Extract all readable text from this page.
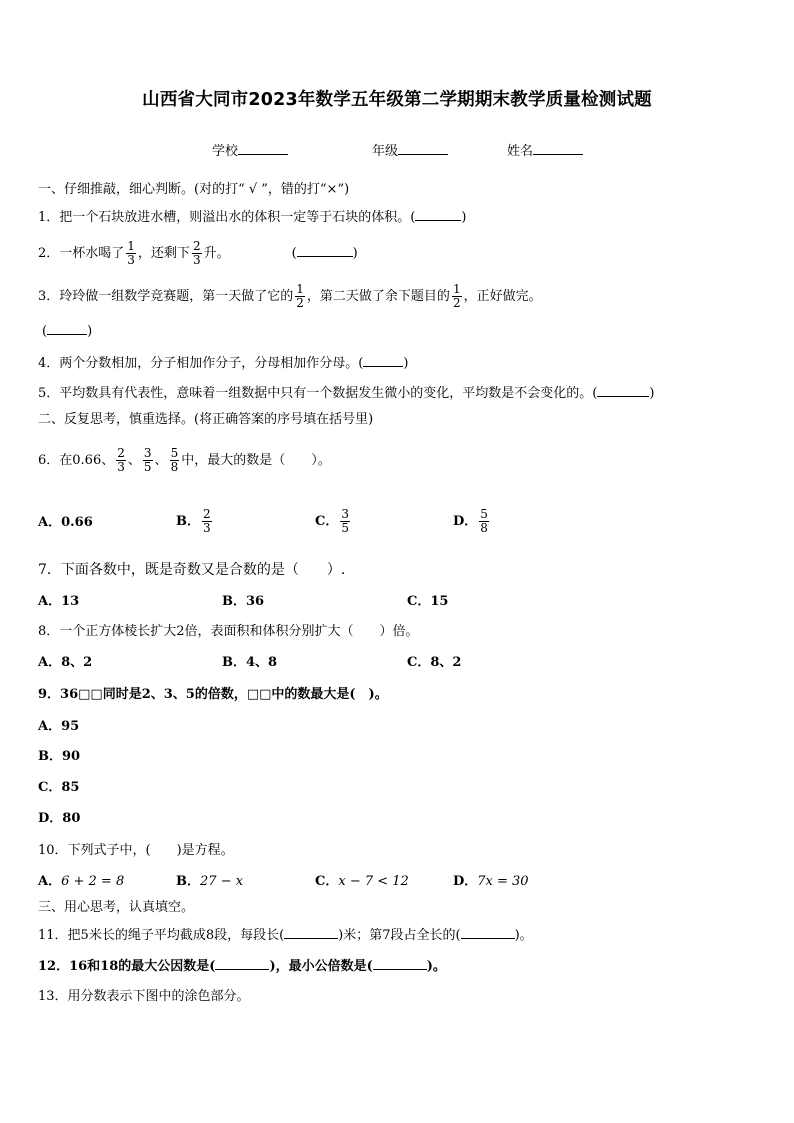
山西省大同市2023年数学五年级第二学期期末教学质量检测试题
学校	年级	姓名
一、仔细推敲，细心判断。(对的打“ √ ”，错的打“×”)
1．把一个石块放进水槽，则溢出水的体积一定等于石块的体积。(	)
2．一杯水喝了 $\frac{1}{3}$ ，还剩下 $\frac{2}{3}$ 升。	(	)
3．玲玲做一组数学竞赛题，第一天做了它的 $\frac{1}{2}$ ，第二天做了余下题目的 $\frac{1}{2}$ ，正好做完。
(	)
4．两个分数相加，分子相加作分子，分母相加作分母。(	)
5．平均数具有代表性，意味着一组数据中只有一个数据发生微小的变化，平均数是不会变化的。(	)
二、反复思考，慎重选择。(将正确答案的序号填在括号里)
6．在0.66、 $\frac{2}{3}$ 、 $\frac{3}{5}$ 、 $\frac{5}{8}$ 中，最大的数是（　　）。
A．0.66	B． $\frac{2}{3}$	C． $\frac{3}{5}$	D． $\frac{5}{8}$
7．下面各数中，既是奇数又是合数的是（　　）.
A．13	B．36	C．15
8．一个正方体棱长扩大2倍，表面积和体积分别扩大（　　）倍。
A．8、2	B．4、8	C．8、2
9．36□□同时是2、3、5的倍数，□□中的数最大是(　)。
A．95
B．90
C．85
D．80
10．下列式子中，(　　)是方程。
A．6 + 2 = 8	B．27 − x	C．x − 7 < 12	D．7x = 30
三、用心思考，认真填空。
11．把5米长的绳子平均截成8段，每段长(	)米；第7段占全长的(	)。
12．16和18的最大公因数是(	)，最小公倍数是(	)。
13．用分数表示下图中的涂色部分。
